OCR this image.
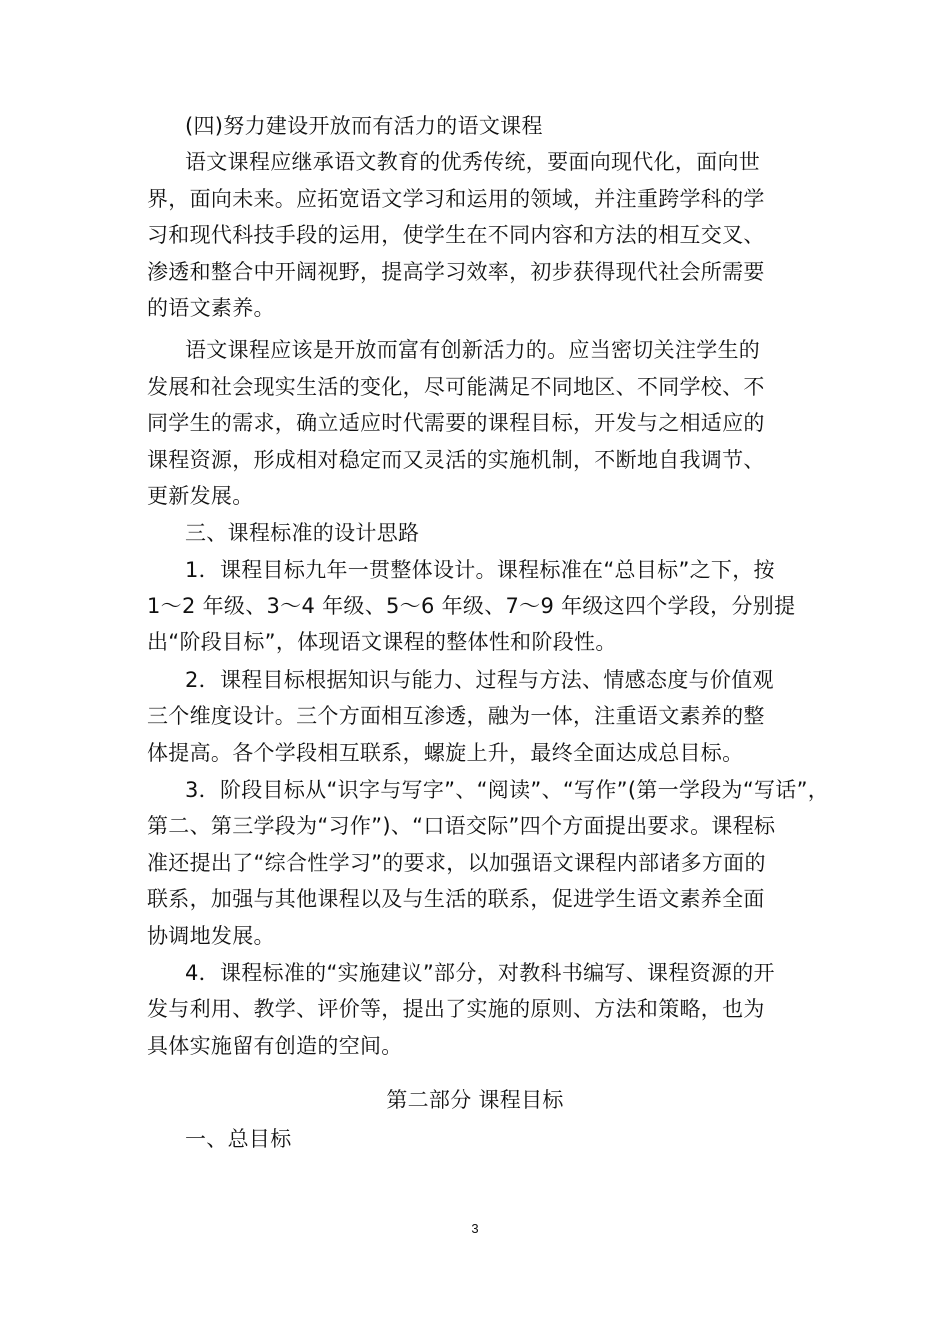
(四)努力建设开放而有活力的语文课程
语文课程应继承语文教育的优秀传统，要面向现代化，面向世
界，面向未来。应拓宽语文学习和运用的领域，并注重跨学科的学
习和现代科技手段的运用，使学生在不同内容和方法的相互交叉、
渗透和整合中开阔视野，提高学习效率，初步获得现代社会所需要
的语文素养。
语文课程应该是开放而富有创新活力的。应当密切关注学生的
发展和社会现实生活的变化，尽可能满足不同地区、不同学校、不
同学生的需求，确立适应时代需要的课程目标，开发与之相适应的
课程资源，形成相对稳定而又灵活的实施机制，不断地自我调节、
更新发展。
三、课程标准的设计思路
1．课程目标九年一贯整体设计。课程标准在“总目标”之下，按
1～2 年级、3～4 年级、5～6 年级、7～9 年级这四个学段，分别提
出“阶段目标”，体现语文课程的整体性和阶段性。
2．课程目标根据知识与能力、过程与方法、情感态度与价值观
三个维度设计。三个方面相互渗透，融为一体，注重语文素养的整
体提高。各个学段相互联系，螺旋上升，最终全面达成总目标。
3．阶段目标从“识字与写字”、“阅读”、“写作”(第一学段为“写话”，
第二、第三学段为“习作”)、“口语交际”四个方面提出要求。课程标
准还提出了“综合性学习”的要求，以加强语文课程内部诸多方面的
联系，加强与其他课程以及与生活的联系，促进学生语文素养全面
协调地发展。
4．课程标准的“实施建议”部分，对教科书编写、课程资源的开
发与利用、教学、评价等，提出了实施的原则、方法和策略，也为
具体实施留有创造的空间。
第二部分 课程目标
一、总目标
3
